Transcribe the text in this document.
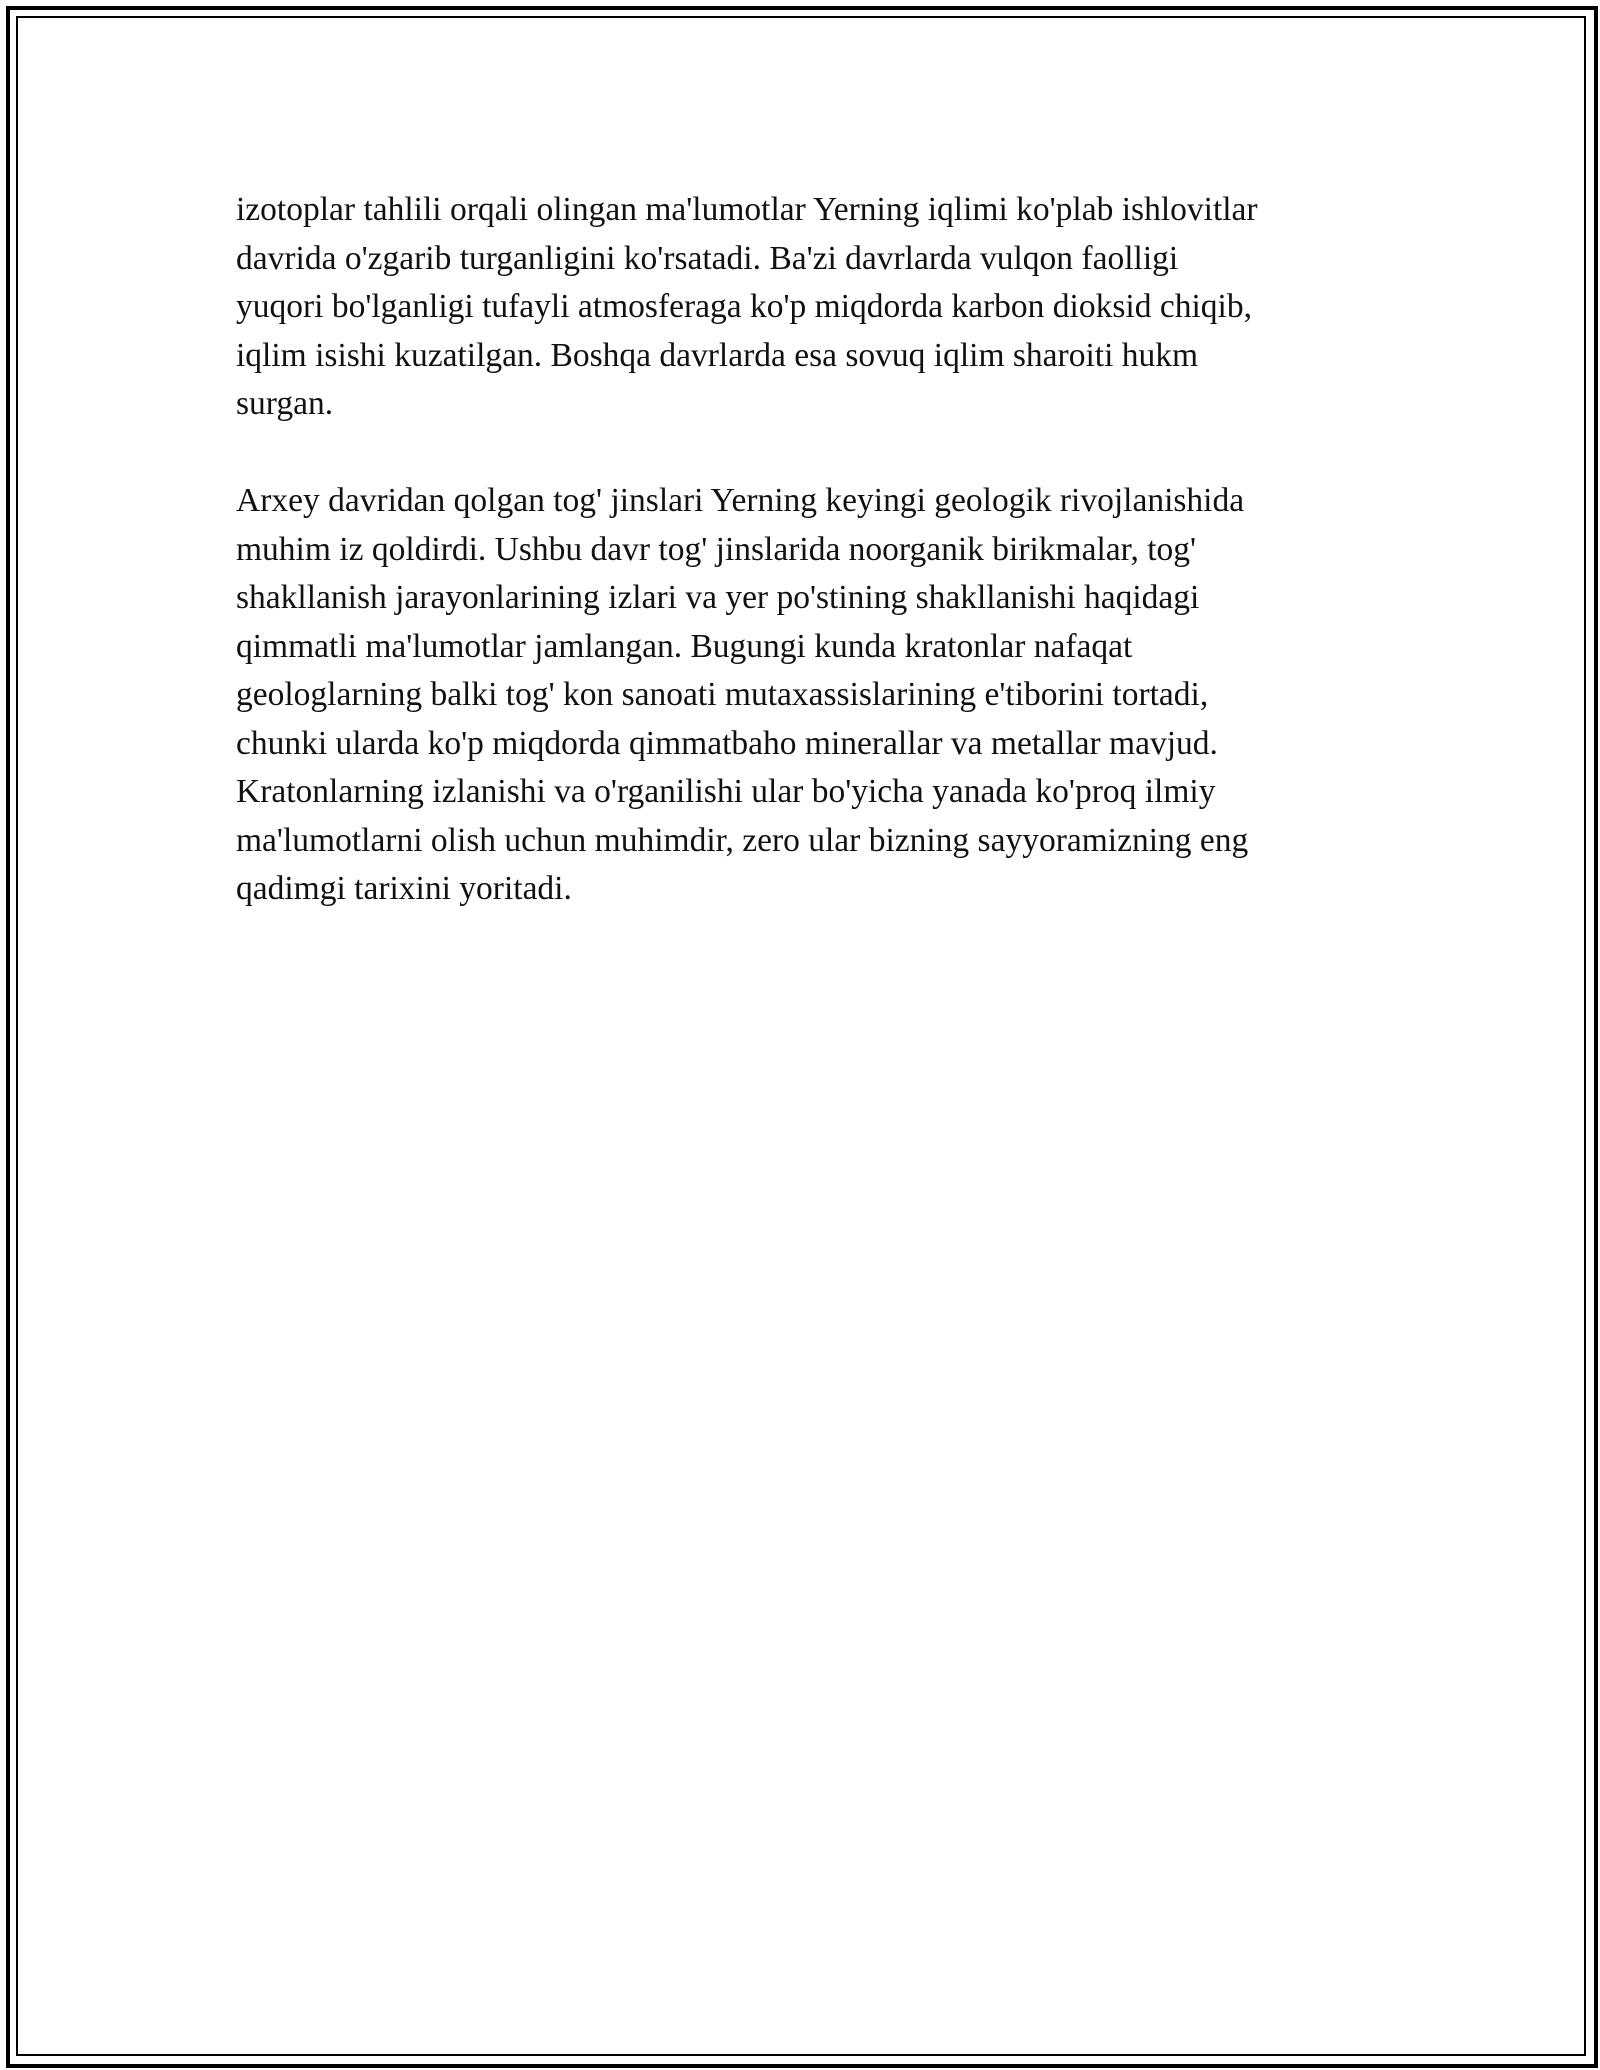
izotoplar tahlili orqali olingan ma'lumotlar Yerning iqlimi ko'plab ishlovitlar
davrida o'zgarib turganligini ko'rsatadi. Ba'zi davrlarda vulqon faolligi
yuqori bo'lganligi tufayli atmosferaga ko'p miqdorda karbon dioksid chiqib,
iqlim isishi kuzatilgan. Boshqa davrlarda esa sovuq iqlim sharoiti hukm
surgan.

Arxey davridan qolgan tog' jinslari Yerning keyingi geologik rivojlanishida
muhim iz qoldirdi. Ushbu davr tog' jinslarida noorganik birikmalar, tog'
shakllanish jarayonlarining izlari va yer po'stining shakllanishi haqidagi
qimmatli ma'lumotlar jamlangan. Bugungi kunda kratonlar nafaqat
geologlarning balki tog' kon sanoati mutaxassislarining e'tiborini tortadi,
chunki ularda ko'p miqdorda qimmatbaho minerallar va metallar mavjud.
Kratonlarning izlanishi va o'rganilishi ular bo'yicha yanada ko'proq ilmiy
ma'lumotlarni olish uchun muhimdir, zero ular bizning sayyoramizning eng
qadimgi tarixini yoritadi.
